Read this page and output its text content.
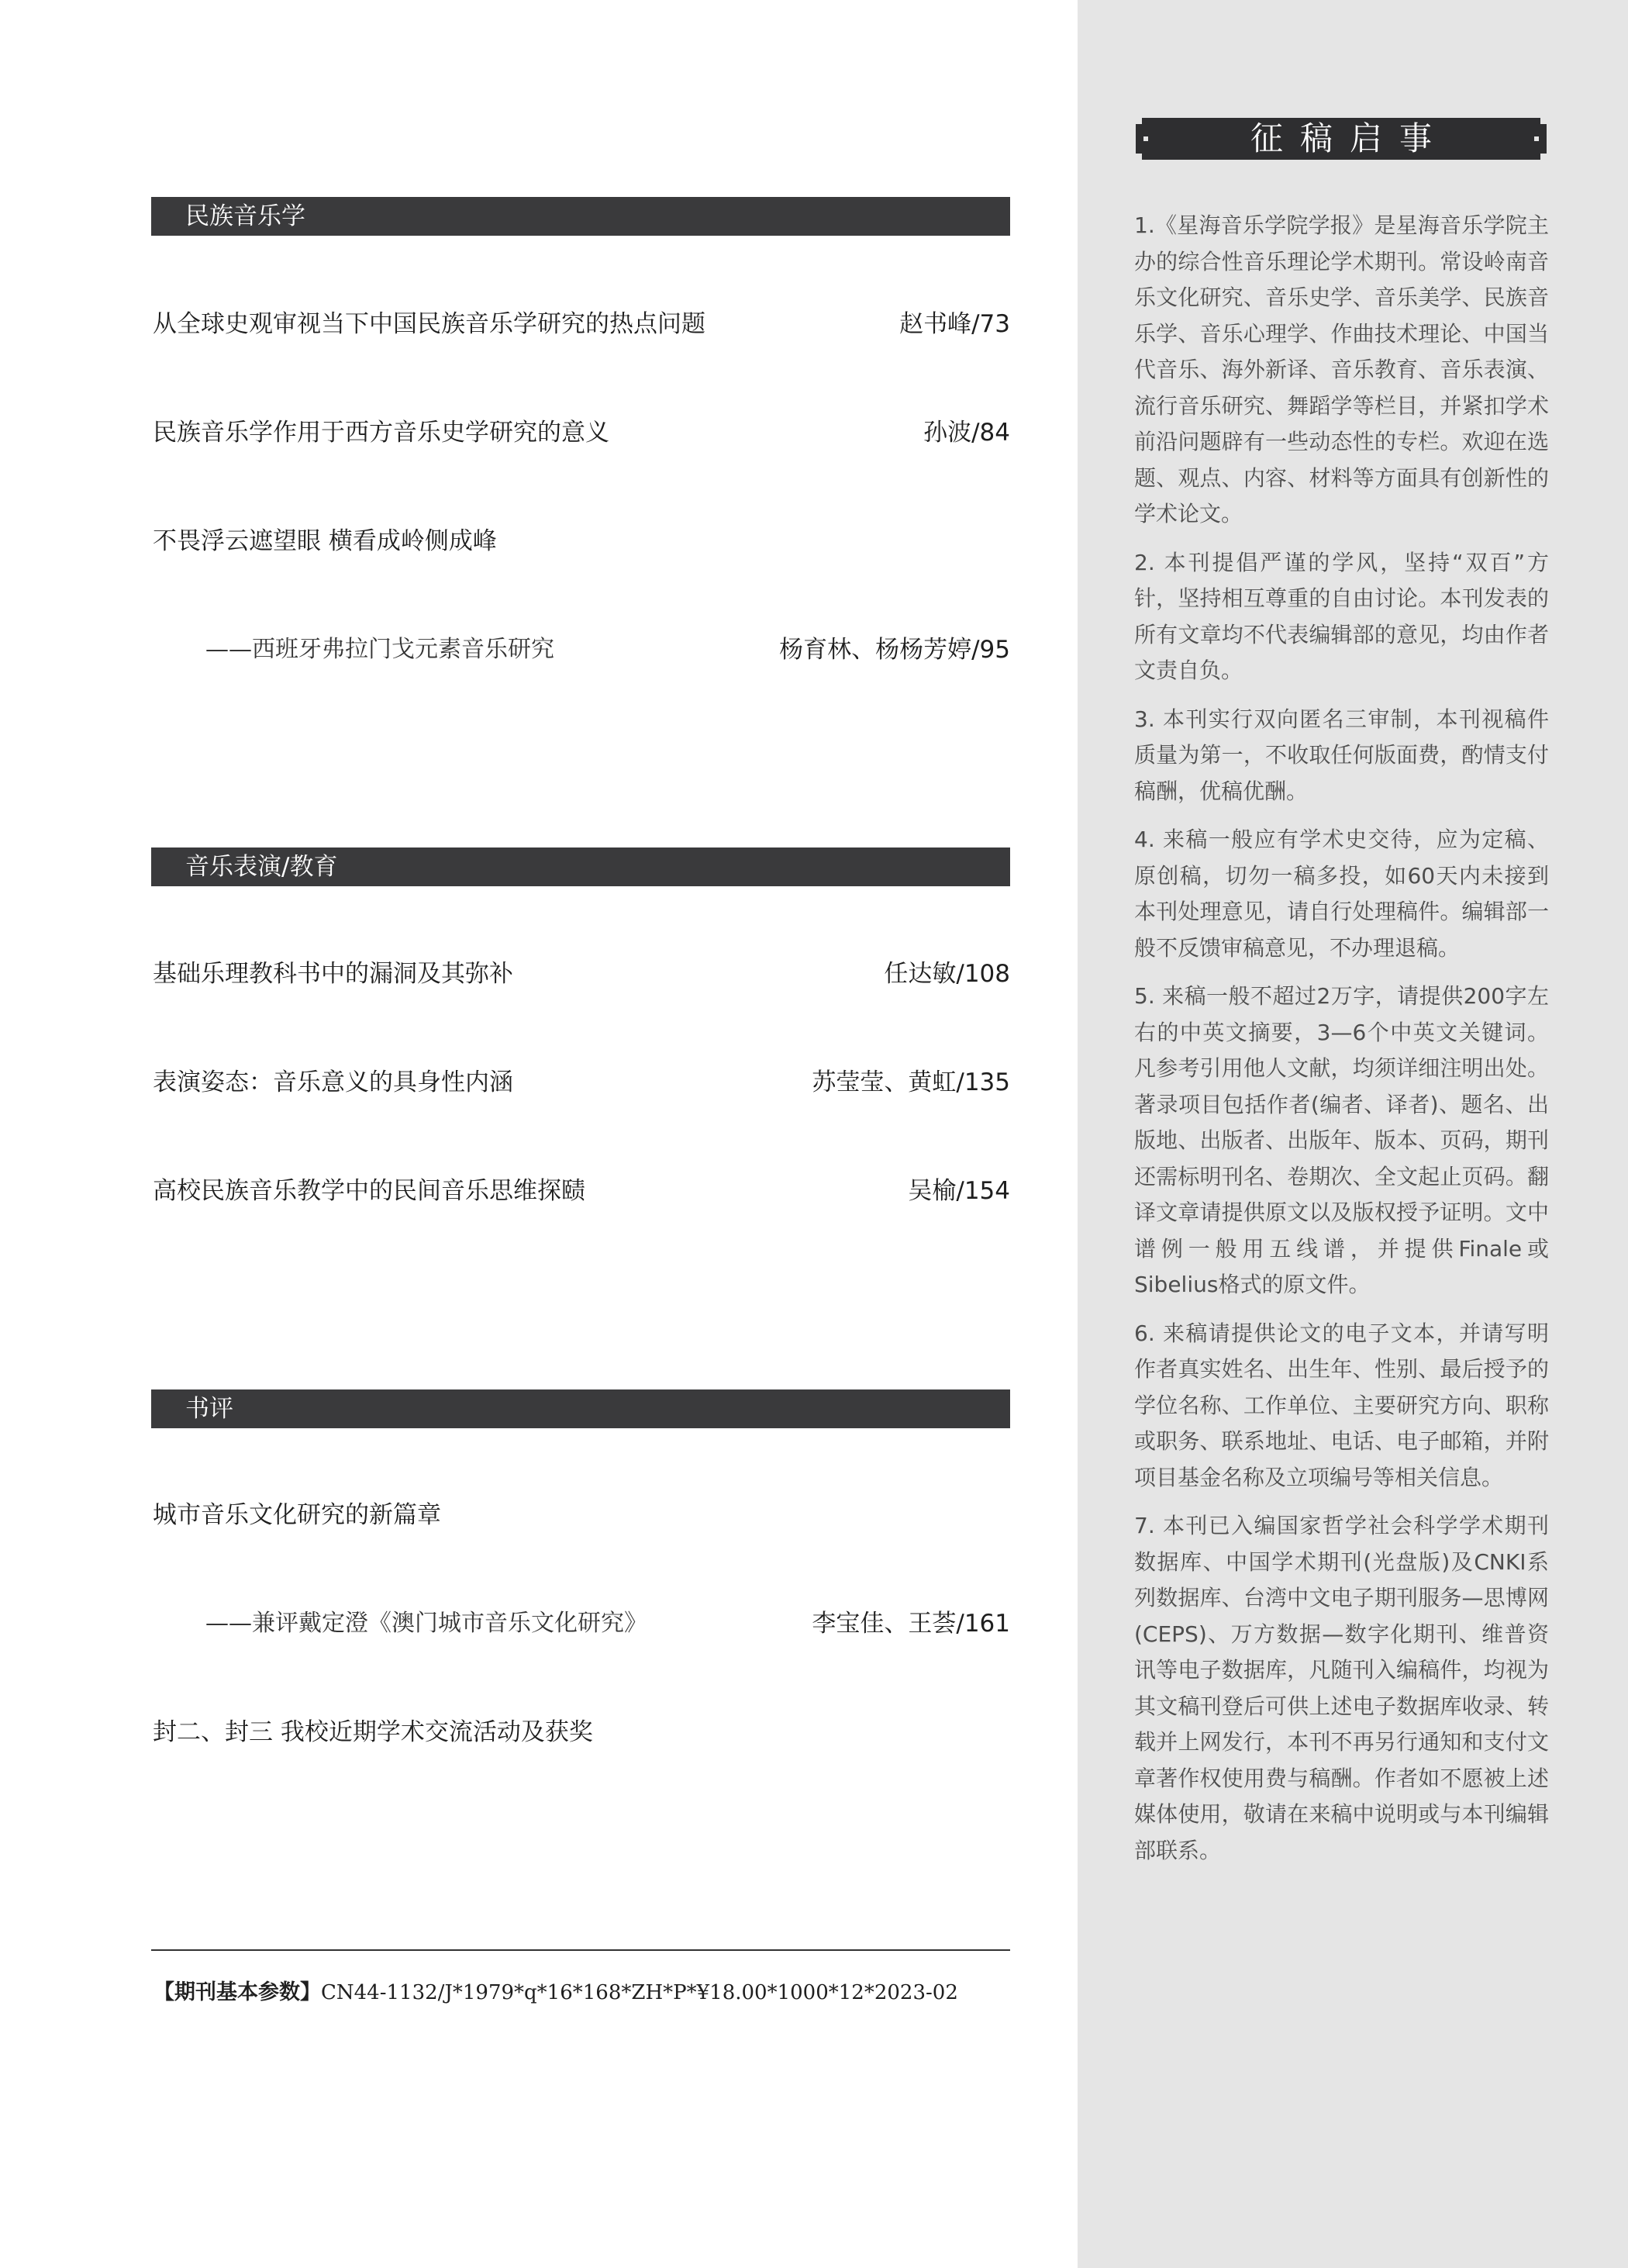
民族音乐学
从全球史观审视当下中国民族音乐学研究的热点问题	赵书峰/73
民族音乐学作用于西方音乐史学研究的意义	孙波/84
不畏浮云遮望眼 横看成岭侧成峰
——西班牙弗拉门戈元素音乐研究	杨育林、杨杨芳婷/95
音乐表演/教育
基础乐理教科书中的漏洞及其弥补	任达敏/108
表演姿态：音乐意义的具身性内涵	苏莹莹、黄虹/135
高校民族音乐教学中的民间音乐思维探赜	吴榆/154
书评
城市音乐文化研究的新篇章
——兼评戴定澄《澳门城市音乐文化研究》	李宝佳、王荟/161
封二、封三 我校近期学术交流活动及获奖
【期刊基本参数】CN44-1132/J*1979*q*16*168*ZH*P*¥18.00*1000*12*2023-02
征稿启事

1.《星海音乐学院学报》是星海音乐学院主办的综合性音乐理论学术期刊。常设岭南音乐文化研究、音乐史学、音乐美学、民族音乐学、音乐心理学、作曲技术理论、中国当代音乐、海外新译、音乐教育、音乐表演、流行音乐研究、舞蹈学等栏目，并紧扣学术前沿问题辟有一些动态性的专栏。欢迎在选题、观点、内容、材料等方面具有创新性的学术论文。

2. 本刊提倡严谨的学风，坚持“双百”方针，坚持相互尊重的自由讨论。本刊发表的所有文章均不代表编辑部的意见，均由作者文责自负。

3. 本刊实行双向匿名三审制，本刊视稿件质量为第一，不收取任何版面费，酌情支付稿酬，优稿优酬。

4. 来稿一般应有学术史交待，应为定稿、原创稿，切勿一稿多投，如60天内未接到本刊处理意见，请自行处理稿件。编辑部一般不反馈审稿意见，不办理退稿。

5. 来稿一般不超过2万字，请提供200字左右的中英文摘要，3—6个中英文关键词。凡参考引用他人文献，均须详细注明出处。著录项目包括作者(编者、译者)、题名、出版地、出版者、出版年、版本、页码，期刊还需标明刊名、卷期次、全文起止页码。翻译文章请提供原文以及版权授予证明。文中谱例一般用五线谱，并提供Finale或Sibelius格式的原文件。

6. 来稿请提供论文的电子文本，并请写明作者真实姓名、出生年、性别、最后授予的学位名称、工作单位、主要研究方向、职称或职务、联系地址、电话、电子邮箱，并附项目基金名称及立项编号等相关信息。

7. 本刊已入编国家哲学社会科学学术期刊数据库、中国学术期刊(光盘版)及CNKI系列数据库、台湾中文电子期刊服务—思博网(CEPS)、万方数据—数字化期刊、维普资讯等电子数据库，凡随刊入编稿件，均视为其文稿刊登后可供上述电子数据库收录、转载并上网发行，本刊不再另行通知和支付文章著作权使用费与稿酬。作者如不愿被上述媒体使用，敬请在来稿中说明或与本刊编辑部联系。
